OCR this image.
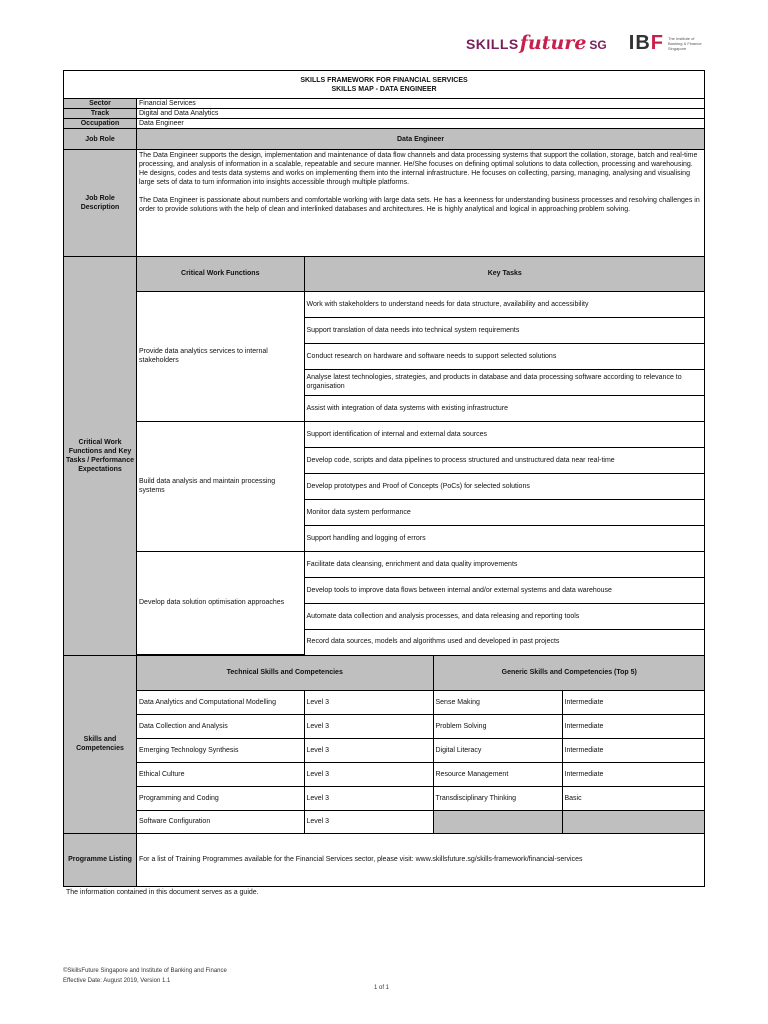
SKILLS future SG IBF The Institute of Banking & Finance Singapore
SKILLS FRAMEWORK FOR FINANCIAL SERVICES
SKILLS MAP - DATA ENGINEER

Sector	Financial Services
Track	Digital and Data Analytics
Occupation	Data Engineer
Job Role	Data Engineer
Job Role Description	

The Data Engineer supports the design, implementation and maintenance of data flow channels and data processing systems that support the collation, storage, batch and real-time processing, and analysis of information in a scalable, repeatable and secure manner. He/She focuses on defining optimal solutions to data collection, processing and warehousing. He designs, codes and tests data systems and works on implementing them into the internal infrastructure. He focuses on collecting, parsing, managing, analysing and visualising large sets of data to turn information into insights accessible through multiple platforms.

The Data Engineer is passionate about numbers and comfortable working with large data sets. He has a keenness for understanding business processes and resolving challenges in order to provide solutions with the help of clean and interlinked databases and architectures. He is highly analytical and logical in approaching problem solving.

Critical Work Functions and Key Tasks / Performance Expectations	
Critical Work Functions	Key Tasks
Provide data analytics services to internal stakeholders	Work with stakeholders to understand needs for data structure, availability and accessibility
Support translation of data needs into technical system requirements
Conduct research on hardware and software needs to support selected solutions
Analyse latest technologies, strategies, and products in database and data processing software according to relevance to organisation
Assist with integration of data systems with existing infrastructure
Build data analysis and maintain processing systems	Support identification of internal and external data sources
Develop code, scripts and data pipelines to process structured and unstructured data near real-time
Develop prototypes and Proof of Concepts (PoCs) for selected solutions
Monitor data system performance
Support handling and logging of errors
Develop data solution optimisation approaches	Facilitate data cleansing, enrichment and data quality improvements
Develop tools to improve data flows between internal and/or external systems and data warehouse
Automate data collection and analysis processes, and data releasing and reporting tools
Record data sources, models and algorithms used and developed in past projects

Skills and Competencies	
Technical Skills and Competencies	Generic Skills and Competencies (Top 5)
Data Analytics and Computational Modelling	Level 3	Sense Making	Intermediate
Data Collection and Analysis	Level 3	Problem Solving	Intermediate
Emerging Technology Synthesis	Level 3	Digital Literacy	Intermediate
Ethical Culture	Level 3	Resource Management	Intermediate
Programming and Coding	Level 3	Transdisciplinary Thinking	Basic
Software Configuration	Level 3		

Programme Listing	For a list of Training Programmes available for the Financial Services sector, please visit: www.skillsfuture.sg/skills-framework/financial-services
The information contained in this document serves as a guide.
©SkillsFuture Singapore and Institute of Banking and Finance
Effective Date: August 2019, Version 1.1
1 of 1
